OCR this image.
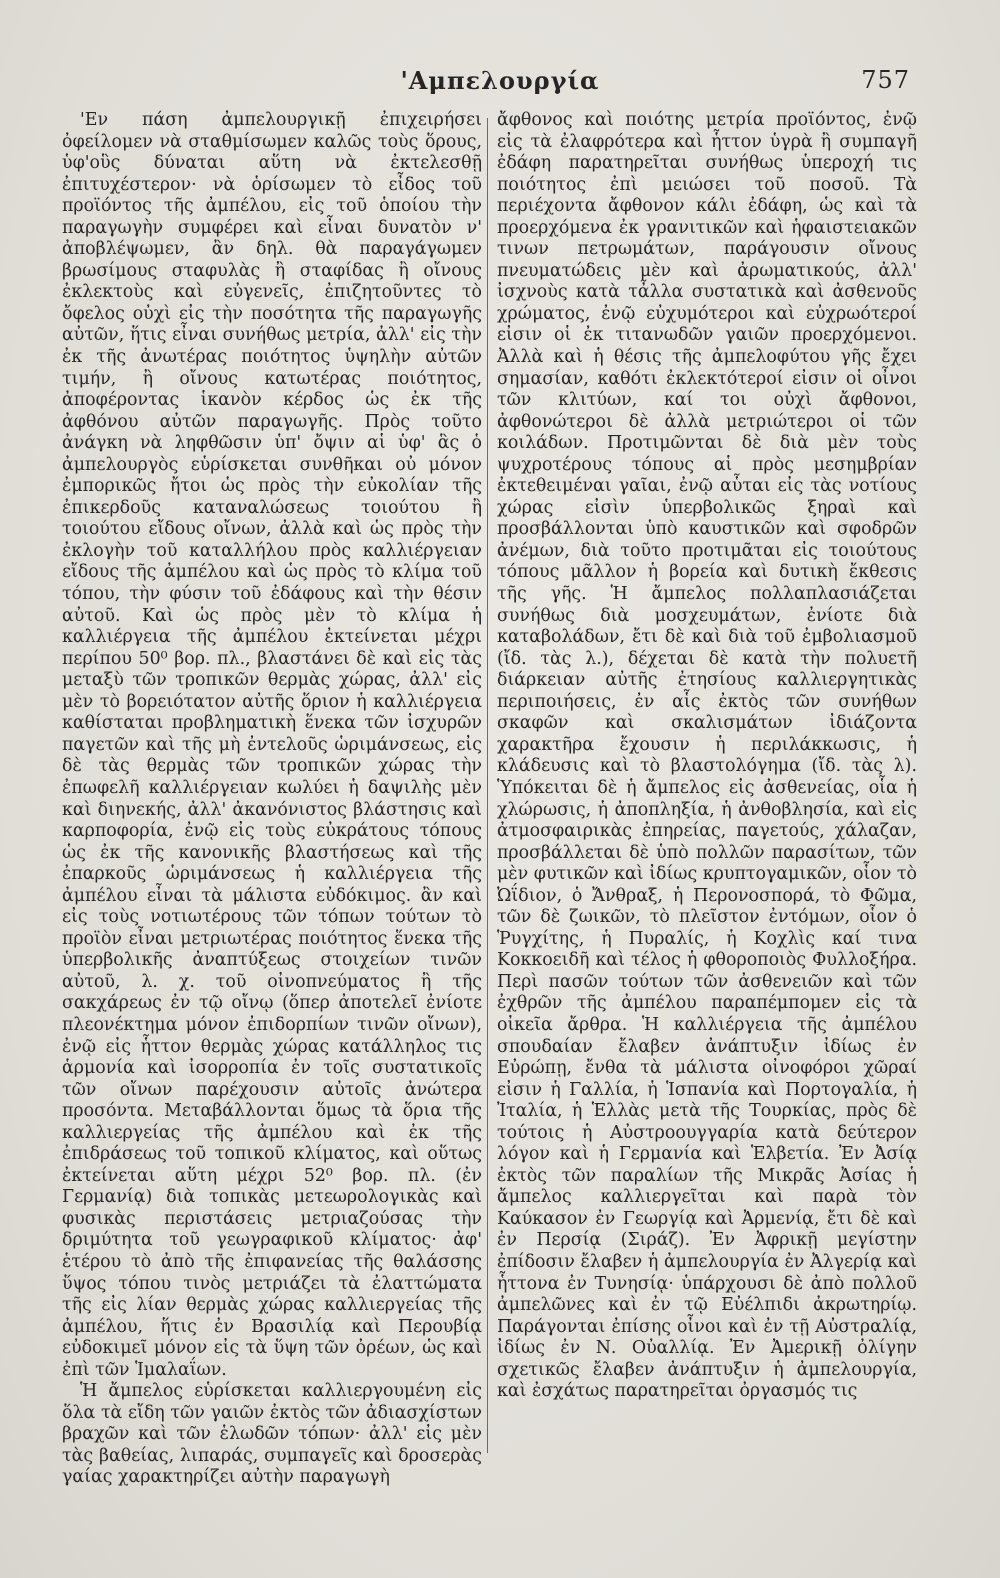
'Αμπελουργία	757

'Εν πάση ἀμπελουργικῇ ἐπιχειρήσει ὀφείλομεν νὰ σταθμίσωμεν καλῶς τοὺς ὅρους, ὑφ'οὓς δύναται αὕτη νὰ ἐκτελεσθῇ ἐπιτυχέστερον· νὰ ὁρίσωμεν τὸ εἶδος τοῦ προϊόντος τῆς ἀμπέλου, εἰς τοῦ ὁποίου τὴν παραγωγὴν συμφέρει καὶ εἶναι δυνατὸν ν' ἀποβλέψωμεν, ἂν δηλ. θὰ παραγάγωμεν βρωσίμους σταφυλὰς ἢ σταφίδας ἢ οἴνους ἐκλεκτοὺς καὶ εὐγενεῖς, ἐπιζητοῦντες τὸ ὄφελος οὐχὶ εἰς τὴν ποσότητα τῆς παραγωγῆς αὐτῶν, ἥτις εἶναι συνήθως μετρία, ἀλλ' εἰς τὴν ἐκ τῆς ἀνωτέρας ποιότητος ὑψηλὴν αὐτῶν τιμήν, ἢ οἴνους κατωτέρας ποιότητος, ἀποφέροντας ἱκανὸν κέρδος ὡς ἐκ τῆς ἀφθόνου αὐτῶν παραγωγῆς. Πρὸς τοῦτο ἀνάγκη νὰ ληφθῶσιν ὑπ' ὄψιν αἱ ὑφ' ἃς ὁ ἀμπελουργὸς εὑρίσκεται συνθῆκαι οὐ μόνον ἐμπορικῶς ἤτοι ὡς πρὸς τὴν εὐκολίαν τῆς ἐπικερδοῦς καταναλώσεως τοιούτου ἢ τοιούτου εἴδους οἴνων, ἀλλὰ καὶ ὡς πρὸς τὴν ἐκλογὴν τοῦ καταλλήλου πρὸς καλλιέργειαν εἴδους τῆς ἀμπέλου καὶ ὡς πρὸς τὸ κλίμα τοῦ τόπου, τὴν φύσιν τοῦ ἐδάφους καὶ τὴν θέσιν αὐτοῦ. Καὶ ὡς πρὸς μὲν τὸ κλίμα ἡ καλλιέργεια τῆς ἀμπέλου ἐκτείνεται μέχρι περίπου 50⁰ βορ. πλ., βλαστάνει δὲ καὶ εἰς τὰς μεταξὺ τῶν τροπικῶν θερμὰς χώρας, ἀλλ' εἰς μὲν τὸ βορειότατον αὐτῆς ὅριον ἡ καλλιέργεια καθίσταται προβληματικὴ ἕνεκα τῶν ἰσχυρῶν παγετῶν καὶ τῆς μὴ ἐντελοῦς ὡριμάνσεως, εἰς δὲ τὰς θερμὰς τῶν τροπικῶν χώρας τὴν ἐπωφελῆ καλλιέργειαν κωλύει ἡ δαψιλὴς μὲν καὶ διηνεκής, ἀλλ' ἀκανόνιστος βλάστησις καὶ καρποφορία, ἐνῷ εἰς τοὺς εὐκράτους τόπους ὡς ἐκ τῆς κανονικῆς βλαστήσεως καὶ τῆς ἐπαρκοῦς ὡριμάνσεως ἡ καλλιέργεια τῆς ἀμπέλου εἶναι τὰ μάλιστα εὐδόκιμος. ἂν καὶ εἰς τοὺς νοτιωτέρους τῶν τόπων τούτων τὸ προϊὸν εἶναι μετριωτέρας ποιότητος ἕνεκα τῆς ὑπερβολικῆς ἀναπτύξεως στοιχείων τινῶν αὐτοῦ, λ. χ. τοῦ οἰνοπνεύματος ἢ τῆς σακχάρεως ἐν τῷ οἴνῳ (ὅπερ ἀποτελεῖ ἐνίοτε πλεονέκτημα μόνον ἐπιδορπίων τινῶν οἴνων), ἐνῷ εἰς ἧττον θερμὰς χώρας κατάλληλος τις ἁρμονία καὶ ἰσορροπία ἐν τοῖς συστατικοῖς τῶν οἴνων παρέχουσιν αὐτοῖς ἀνώτερα προσόντα. Μεταβάλλονται ὅμως τὰ ὅρια τῆς καλλιεργείας τῆς ἀμπέλου καὶ ἐκ τῆς ἐπιδράσεως τοῦ τοπικοῦ κλίματος, καὶ οὕτως ἐκτείνεται αὕτη μέχρι 52⁰ βορ. πλ. (ἐν Γερμανίᾳ) διὰ τοπικὰς μετεωρολογικὰς καὶ φυσικὰς περιστάσεις μετριαζούσας τὴν δριμύτητα τοῦ γεωγραφικοῦ κλίματος· ἀφ' ἑτέρου τὸ ἀπὸ τῆς ἐπιφανείας τῆς θαλάσσης ὕψος τόπου τινὸς μετριάζει τὰ ἐλαττώματα τῆς εἰς λίαν θερμὰς χώρας καλλιεργείας τῆς ἀμπέλου, ἥτις ἐν Βρασιλίᾳ καὶ Περουβίᾳ εὐδοκιμεῖ μόνον εἰς τὰ ὕψη τῶν ὀρέων, ὡς καὶ ἐπὶ τῶν Ἱμαλαΐων.

Ἡ ἄμπελος εὑρίσκεται καλλιεργουμένη εἰς ὅλα τὰ εἴδη τῶν γαιῶν ἐκτὸς τῶν ἀδιασχίστων βραχῶν καὶ τῶν ἑλωδῶν τόπων· ἀλλ' εἰς μὲν τὰς βαθείας, λιπαράς, συμπαγεῖς καὶ δροσερὰς γαίας χαρακτηρίζει αὐτὴν παραγωγὴ

ἄφθονος καὶ ποιότης μετρία προϊόντος, ἐνῷ εἰς τὰ ἐλαφρότερα καὶ ἧττον ὑγρὰ ἢ συμπαγῆ ἐδάφη παρατηρεῖται συνήθως ὑπεροχή τις ποιότητος ἐπὶ μειώσει τοῦ ποσοῦ. Τὰ περιέχοντα ἄφθονον κάλι ἐδάφη, ὡς καὶ τὰ προερχόμενα ἐκ γρανιτικῶν καὶ ἡφαιστειακῶν τινων πετρωμάτων, παράγουσιν οἴνους πνευματώδεις μὲν καὶ ἀρωματικούς, ἀλλ' ἰσχνοὺς κατὰ τἆλλα συστατικὰ καὶ ἀσθενοῦς χρώματος, ἐνῷ εὐχυμότεροι καὶ εὐχρωότεροί εἰσιν οἱ ἐκ τιτανωδῶν γαιῶν προερχόμενοι. Ἀλλὰ καὶ ἡ θέσις τῆς ἀμπελοφύτου γῆς ἔχει σημασίαν, καθότι ἐκλεκτότεροί εἰσιν οἱ οἶνοι τῶν κλιτύων, καί τοι οὐχὶ ἄφθονοι, ἀφθονώτεροι δὲ ἀλλὰ μετριώτεροι οἱ τῶν κοιλάδων. Προτιμῶνται δὲ διὰ μὲν τοὺς ψυχροτέρους τόπους αἱ πρὸς μεσημβρίαν ἐκτεθειμέναι γαῖαι, ἐνῷ αὗται εἰς τὰς νοτίους χώρας εἰσὶν ὑπερβολικῶς ξηραὶ καὶ προσβάλλονται ὑπὸ καυστικῶν καὶ σφοδρῶν ἀνέμων, διὰ τοῦτο προτιμᾶται εἰς τοιούτους τόπους μᾶλλον ἡ βορεία καὶ δυτικὴ ἔκθεσις τῆς γῆς. Ἡ ἄμπελος πολλαπλασιάζεται συνήθως διὰ μοσχευμάτων, ἐνίοτε διὰ καταβολάδων, ἔτι δὲ καὶ διὰ τοῦ ἐμβολιασμοῦ (ἴδ. τὰς λ.), δέχεται δὲ κατὰ τὴν πολυετῆ διάρκειαν αὐτῆς ἐτησίους καλλιεργητικὰς περιποιήσεις, ἐν αἷς ἐκτὸς τῶν συνήθων σκαφῶν καὶ σκαλισμάτων ἰδιάζοντα χαρακτῆρα ἔχουσιν ἡ περιλάκκωσις, ἡ κλάδευσις καὶ τὸ βλαστολόγημα (ἴδ. τὰς λ). Ὑπόκειται δὲ ἡ ἄμπελος εἰς ἀσθενείας, οἷα ἡ χλώρωσις, ἡ ἀποπληξία, ἡ ἀνθοβλησία, καὶ εἰς ἀτμοσφαιρικὰς ἐπηρείας, παγετούς, χάλαζαν, προσβάλλεται δὲ ὑπὸ πολλῶν παρασίτων, τῶν μὲν φυτικῶν καὶ ἰδίως κρυπτογαμικῶν, οἷον τὸ Ὠΐδιον, ὁ Ἄνθραξ, ἡ Περονοσπορά, τὸ Φῶμα, τῶν δὲ ζωικῶν, τὸ πλεῖστον ἐντόμων, οἷον ὁ Ῥυγχίτης, ἡ Πυραλίς, ἡ Κοχλὶς καί τινα Κοκκοειδῆ καὶ τέλος ἡ φθοροποιὸς Φυλλοξήρα. Περὶ πασῶν τούτων τῶν ἀσθενειῶν καὶ τῶν ἐχθρῶν τῆς ἀμπέλου παραπέμπομεν εἰς τὰ οἰκεῖα ἄρθρα. Ἡ καλλιέργεια τῆς ἀμπέλου σπουδαίαν ἔλαβεν ἀνάπτυξιν ἰδίως ἐν Εὐρώπῃ, ἔνθα τὰ μάλιστα οἰνοφόροι χῶραί εἰσιν ἡ Γαλλία, ἡ Ἱσπανία καὶ Πορτογαλία, ἡ Ἰταλία, ἡ Ἑλλὰς μετὰ τῆς Τουρκίας, πρὸς δὲ τούτοις ἡ Αὐστροουγγαρία κατὰ δεύτερον λόγον καὶ ἡ Γερμανία καὶ Ἑλβετία. Ἐν Ἀσίᾳ ἐκτὸς τῶν παραλίων τῆς Μικρᾶς Ἀσίας ἡ ἄμπελος καλλιεργεῖται καὶ παρὰ τὸν Καύκασον ἐν Γεωργίᾳ καὶ Ἀρμενίᾳ, ἔτι δὲ καὶ ἐν Περσίᾳ (Σιράζ). Ἐν Ἀφρικῇ μεγίστην ἐπίδοσιν ἔλαβεν ἡ ἀμπελουργία ἐν Ἀλγερίᾳ καὶ ἧττονα ἐν Τυνησίᾳ· ὑπάρχουσι δὲ ἀπὸ πολλοῦ ἀμπελῶνες καὶ ἐν τῷ Εὐέλπιδι ἀκρωτηρίῳ. Παράγονται ἐπίσης οἶνοι καὶ ἐν τῇ Αὐστραλίᾳ, ἰδίως ἐν Ν. Οὐαλλίᾳ. Ἐν Ἀμερικῇ ὀλίγην σχετικῶς ἔλαβεν ἀνάπτυξιν ἡ ἀμπελουργία, καὶ ἐσχάτως παρατηρεῖται ὀργασμός τις
